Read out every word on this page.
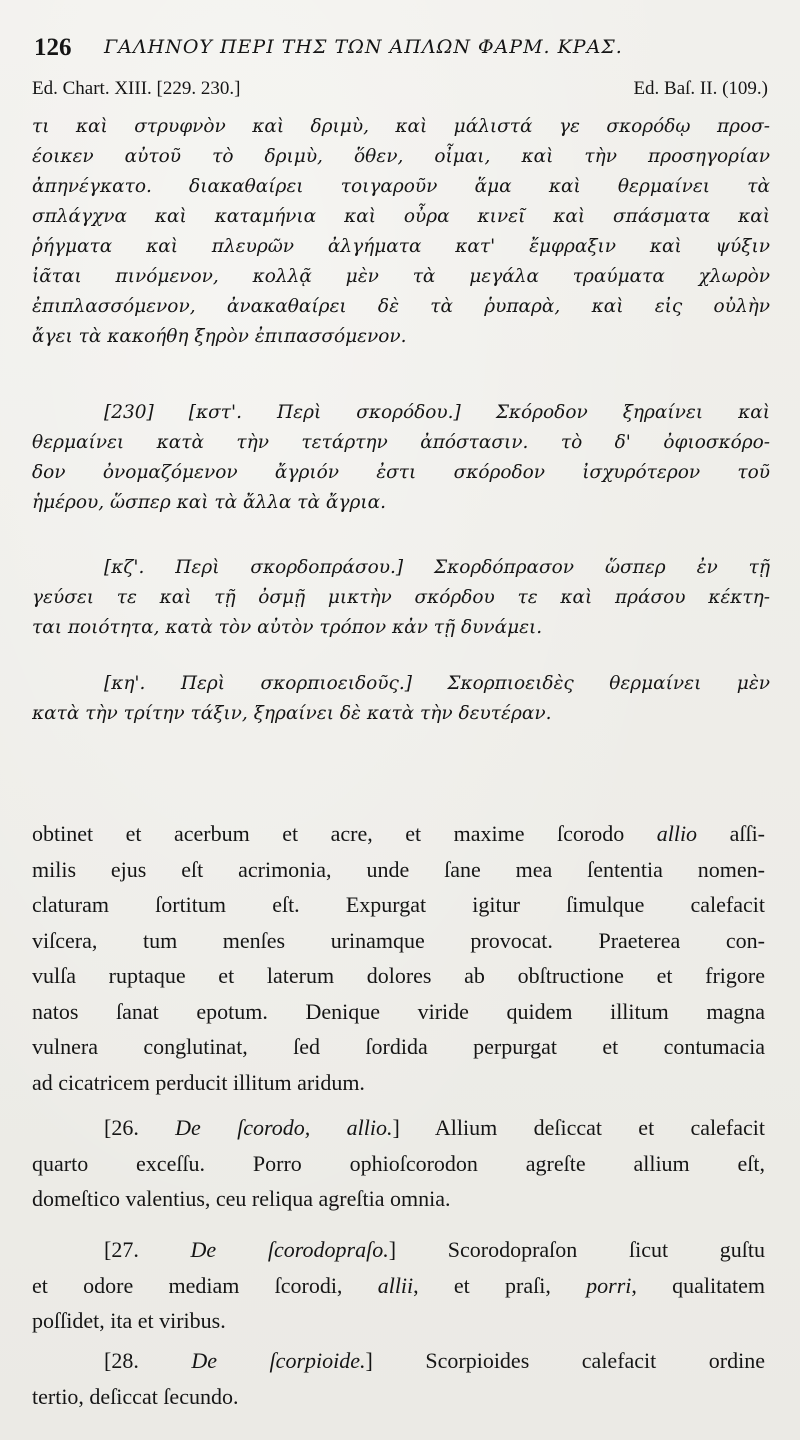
126 ΓΑΛΗΝΟΥ ΠΕΡΙ ΤΗΣ ΤΩΝ ΑΠΛΩΝ ΦΑΡΜ. ΚΡΑΣ.
Ed. Chart. XIII. [229. 230.]	Ed. Baſ. II. (109.)
τι καὶ στρυφνὸν καὶ δριμὺ, καὶ μάλιστά γε σκορόδῳ προσ-
έοικεν αὐτοῦ τὸ δριμὺ, ὅθεν, οἶμαι, καὶ τὴν προσηγορίαν
ἀπηνέγκατο. διακαθαίρει τοιγαροῦν ἅμα καὶ θερμαίνει τὰ
σπλάγχνα καὶ καταμήνια καὶ οὖρα κινεῖ καὶ σπάσματα καὶ
ῥήγματα καὶ πλευρῶν ἀλγήματα κατ' ἔμφραξιν καὶ ψύξιν
ἰᾶται πινόμενον, κολλᾷ μὲν τὰ μεγάλα τραύματα χλωρὸν
ἐπιπλασσόμενον, ἀνακαθαίρει δὲ τὰ ῥυπαρὰ, καὶ εἰς οὐλὴν
ἄγει τὰ κακοήθη ξηρὸν ἐπιπασσόμενον.
[230] [κστ'. Περὶ σκορόδου.] Σκόροδον ξηραίνει καὶ
θερμαίνει κατὰ τὴν τετάρτην ἀπόστασιν. τὸ δ' ὀφιοσκόρο-
δον ὀνομαζόμενον ἄγριόν ἐστι σκόροδον ἰσχυρότερον τοῦ
ἡμέρου, ὥσπερ καὶ τὰ ἄλλα τὰ ἄγρια.
[κζ'. Περὶ σκορδοπράσου.] Σκορδόπρασον ὥσπερ ἐν τῇ
γεύσει τε καὶ τῇ ὀσμῇ μικτὴν σκόρδου τε καὶ πράσου κέκτη-
ται ποιότητα, κατὰ τὸν αὐτὸν τρόπον κἀν τῇ δυνάμει.
[κη'. Περὶ σκορπιοειδοῦς.] Σκορπιοειδὲς θερμαίνει μὲν
κατὰ τὴν τρίτην τάξιν, ξηραίνει δὲ κατὰ τὴν δευτέραν.
obtinet et acerbum et acre, et maxime ſcorodo allio aſſi-
milis ejus eſt acrimonia, unde ſane mea ſententia nomen-
claturam ſortitum eſt. Expurgat igitur ſimulque calefacit
viſcera, tum menſes urinamque provocat. Praeterea con-
vulſa ruptaque et laterum dolores ab obſtructione et frigore
natos ſanat epotum. Denique viride quidem illitum magna
vulnera conglutinat, ſed ſordida perpurgat et contumacia
ad cicatricem perducit illitum aridum.
[26. De ſcorodo, allio.] Allium deſiccat et calefacit
quarto exceſſu. Porro ophioſcorodon agreſte allium eſt,
domeſtico valentius, ceu reliqua agreſtia omnia.
[27. De ſcorodopraſo.] Scorodopraſon ſicut guſtu
et odore mediam ſcorodi, allii, et praſi, porri, qualitatem
poſſidet, ita et viribus.
[28. De ſcorpioide.] Scorpioides calefacit ordine
tertio, deſiccat ſecundo.
